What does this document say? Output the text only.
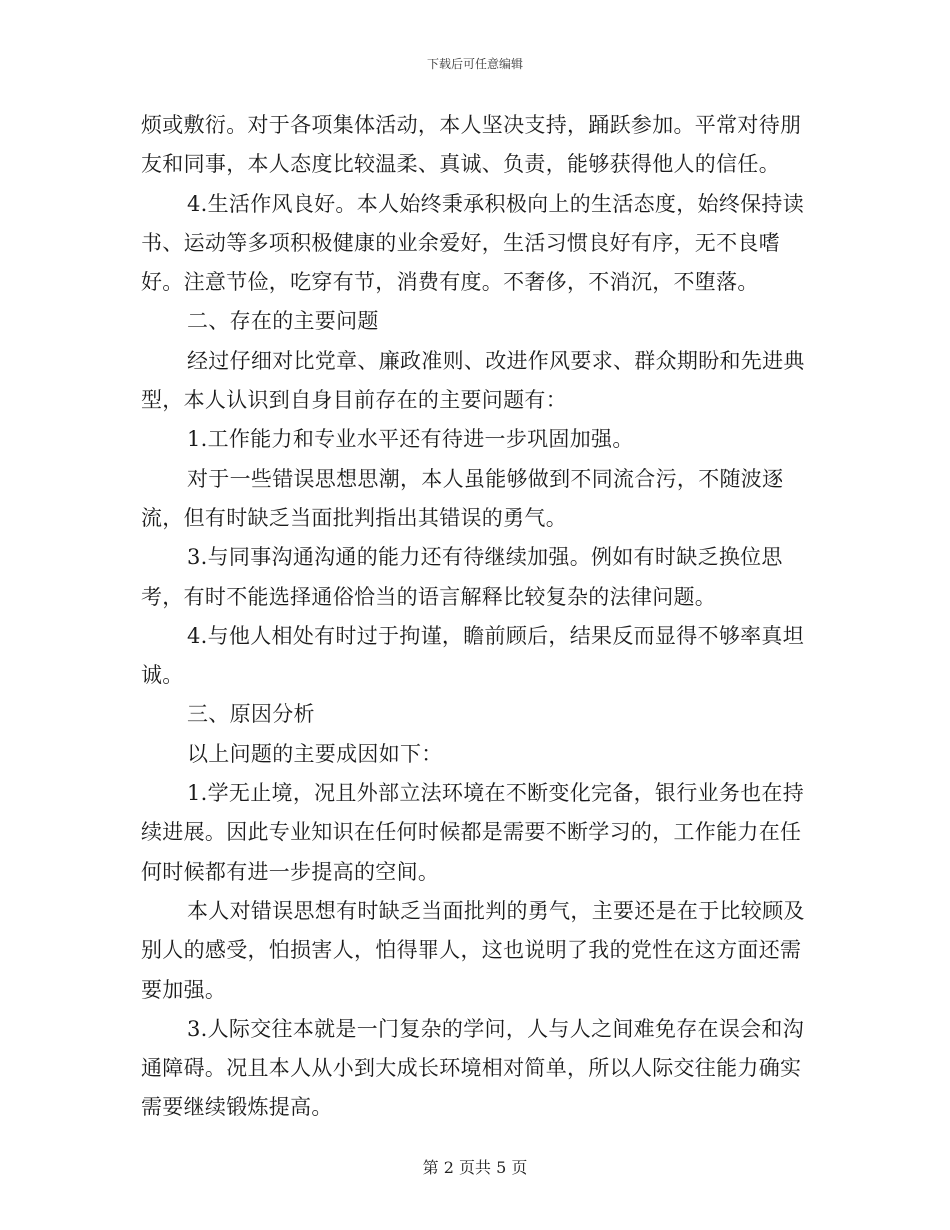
下载后可任意编辑

烦或敷衍。对于各项集体活动，本人坚决支持，踊跃参加。平常对待朋友和同事，本人态度比较温柔、真诚、负责，能够获得他人的信任。

4.生活作风良好。本人始终秉承积极向上的生活态度，始终保持读书、运动等多项积极健康的业余爱好，生活习惯良好有序，无不良嗜好。注意节俭，吃穿有节，消费有度。不奢侈，不消沉，不堕落。

二、存在的主要问题

经过仔细对比党章、廉政准则、改进作风要求、群众期盼和先进典型，本人认识到自身目前存在的主要问题有：

1.工作能力和专业水平还有待进一步巩固加强。

对于一些错误思想思潮，本人虽能够做到不同流合污，不随波逐流，但有时缺乏当面批判指出其错误的勇气。

3.与同事沟通沟通的能力还有待继续加强。例如有时缺乏换位思考，有时不能选择通俗恰当的语言解释比较复杂的法律问题。

4.与他人相处有时过于拘谨，瞻前顾后，结果反而显得不够率真坦诚。

三、原因分析

以上问题的主要成因如下：

1.学无止境，况且外部立法环境在不断变化完备，银行业务也在持续进展。因此专业知识在任何时候都是需要不断学习的，工作能力在任何时候都有进一步提高的空间。

本人对错误思想有时缺乏当面批判的勇气，主要还是在于比较顾及别人的感受，怕损害人，怕得罪人，这也说明了我的党性在这方面还需要加强。

3.人际交往本就是一门复杂的学问，人与人之间难免存在误会和沟通障碍。况且本人从小到大成长环境相对简单，所以人际交往能力确实需要继续锻炼提高。

第 2 页共 5 页
